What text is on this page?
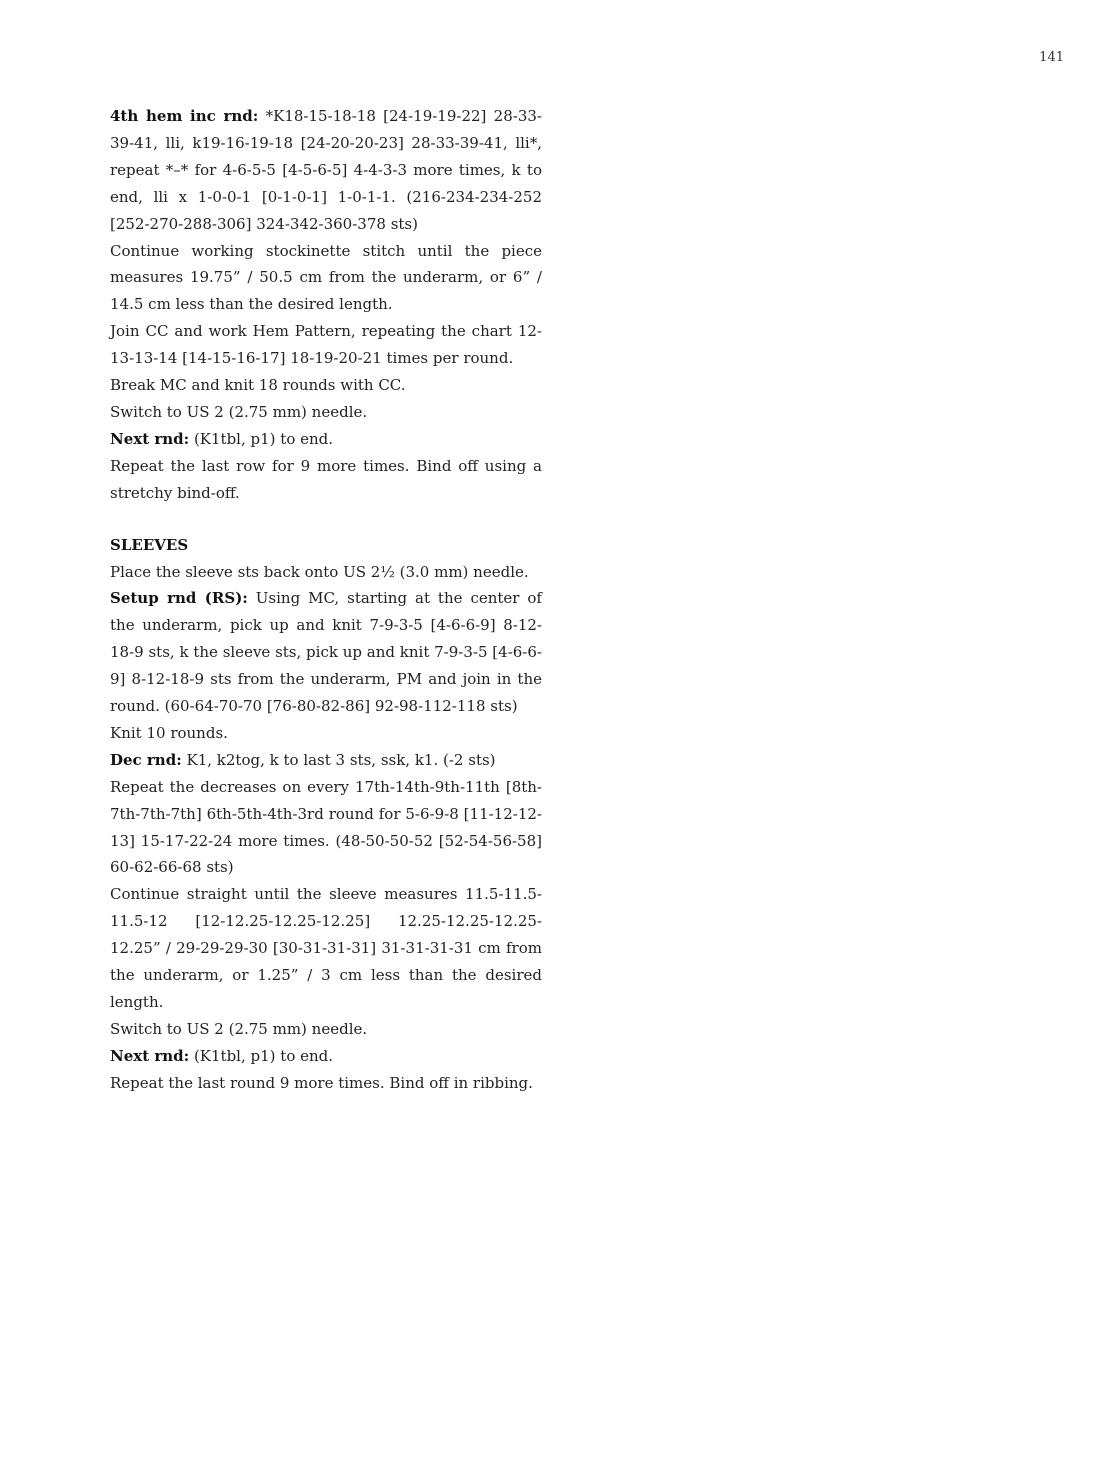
141

4th hem inc rnd: *K18-15-18-18 [24-19-19-22] 28-33-39-41, lli, k19-16-19-18 [24-20-20-23] 28-33-39-41, lli*, repeat *–* for 4-6-5-5 [4-5-6-5] 4-4-3-3 more times, k to end, lli x 1-0-0-1 [0-1-0-1] 1-0-1-1. (216-234-234-252 [252-270-288-306] 324-342-360-378 sts)

Continue working stockinette stitch until the piece measures 19.75” / 50.5 cm from the underarm, or 6” / 14.5 cm less than the desired length.

Join CC and work Hem Pattern, repeating the chart 12-13-13-14 [14-15-16-17] 18-19-20-21 times per round.

Break MC and knit 18 rounds with CC.

Switch to US 2 (2.75 mm) needle.

Next rnd: (K1tbl, p1) to end.

Repeat the last row for 9 more times. Bind off using a stretchy bind-off.

SLEEVES

Place the sleeve sts back onto US 2½ (3.0 mm) needle.

Setup rnd (RS): Using MC, starting at the center of the underarm, pick up and knit 7-9-3-5 [4-6-6-9] 8-12-18-9 sts, k the sleeve sts, pick up and knit 7-9-3-5 [4-6-6-9] 8-12-18-9 sts from the underarm, PM and join in the round. (60-64-70-70 [76-80-82-86] 92-98-112-118 sts)

Knit 10 rounds.

Dec rnd: K1, k2tog, k to last 3 sts, ssk, k1. (-2 sts)

Repeat the decreases on every 17th-14th-9th-11th [8th-7th-7th-7th] 6th-5th-4th-3rd round for 5-6-9-8 [11-12-12-13] 15-17-22-24 more times. (48-50-50-52 [52-54-56-58] 60-62-66-68 sts)

Continue straight until the sleeve measures 11.5-11.5-11.5-12 [12-12.25-12.25-12.25] 12.25-12.25-12.25-12.25” / 29-29-29-30 [30-31-31-31] 31-31-31-31 cm from the underarm, or 1.25” / 3 cm less than the desired length.

Switch to US 2 (2.75 mm) needle.

Next rnd: (K1tbl, p1) to end.

Repeat the last round 9 more times. Bind off in ribbing.
